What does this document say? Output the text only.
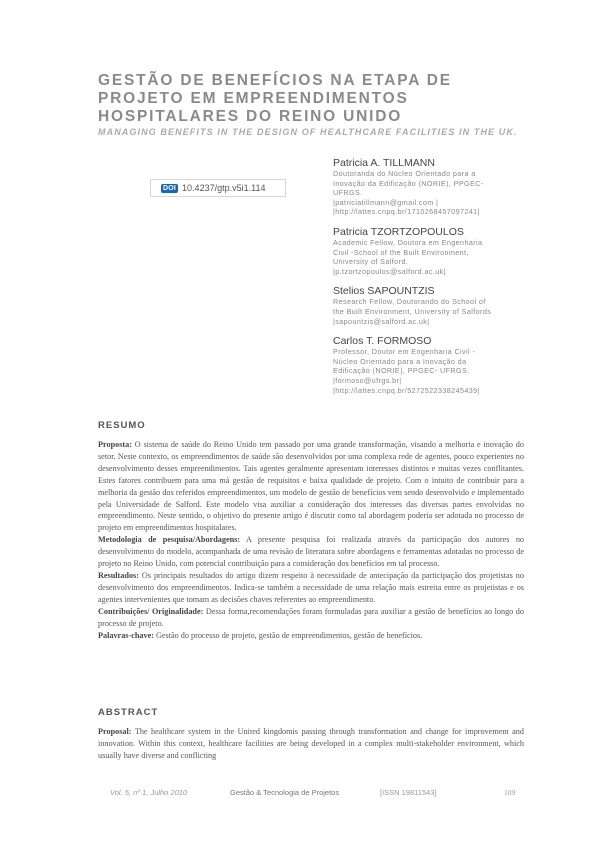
GESTÃO DE BENEFÍCIOS NA ETAPA DE PROJETO EM EMPREENDIMENTOS HOSPITALARES DO REINO UNIDO
MANAGING BENEFITS IN THE DESIGN OF HEALTHCARE FACILITIES IN THE UK.
DOI 10.4237/gtp.v5i1.114
Patricia A. TILLMANN
Doutoranda do Núcleo Orientado para a
Inovação da Edificação (NORIE), PPGEC-
UFRGS.
|patriciatillmann@gmail.com |
|http://lattes.cnpq.br/1710268457097241|
Patricia TZORTZOPOULOS
Academic Fellow, Doutora em Engenharia
Civil -School of the Built Environment,
University of Salford.
|p.tzortzopoulos@salford.ac.uk|
Stelios SAPOUNTZIS
Research Fellow, Doutorando do School of
the Built Environment, University of Salfords
|sapountzis@salford.ac.uk|
Carlos T. FORMOSO
Professor, Doutor em Engenharia Civil -
Núcleo Orientado para a Inovação da
Edificação (NORIE), PPGEC- UFRGS.
|formoso@ufrgs.br|
|http://lattes.cnpq.br/5272522338245439|
RESUMO

Proposta: O sistema de saúde do Reino Unido tem passado por uma grande transformação, visando a melhoria e inovação do setor. Neste contexto, os empreendimentos de saúde são desenvolvidos por uma complexa rede de agentes, pouco experientes no desenvolvimento desses empreendimentos. Tais agentes geralmente apresentam interesses distintos e muitas vezes conflitantes. Estes fatores contribuem para uma má gestão de requisitos e baixa qualidade de projeto. Com o intuito de contribuir para a melhoria da gestão dos referidos empreendimentos, um modelo de gestão de benefícios vem sendo desenvolvido e implementado pela Universidade de Salford. Este modelo visa auxiliar a consideração dos interesses das diversas partes envolvidas no empreendimento. Neste sentido, o objetivo do presente artigo é discutir como tal abordagem poderia ser adotada no processo de projeto em empreendimentos hospitalares.

Metodologia de pesquisa/Abordagens: A presente pesquisa foi realizada através da participação dos autores no desenvolvimento do modelo, acompanhada de uma revisão de literatura sobre abordagens e ferramentas adotadas no processo de projeto no Reino Unido, com potencial contribuição para a consideração dos benefícios em tal processo.

Resultados: Os principais resultados do artigo dizem respeito à necessidade de antecipação da participação dos projetistas no desenvolvimento dos empreendimentos. Indica-se também a necessidade de uma relação mais estreita entre os projetistas e os agentes intervenientes que tomam as decisões chaves referentes ao empreendimento.

Contribuições/ Originalidade: Dessa forma,recomendações foram formuladas para auxiliar a gestão de benefícios ao longo do processo de projeto.

Palavras-chave: Gestão do processo de projeto, gestão de empreendimentos, gestão de benefícios.

ABSTRACT

Proposal: The healthcare system in the United kingdomis passing through transformation and change for improvement and innovation. Within this context, healthcare facilities are being developed in a complex multi-stakeholder environment, which usually have diverse and conflicting

Vol. 5, nº 1, Julho 2010	Gestão & Tecnologia de Projetos	[ISSN 19811543]	109
